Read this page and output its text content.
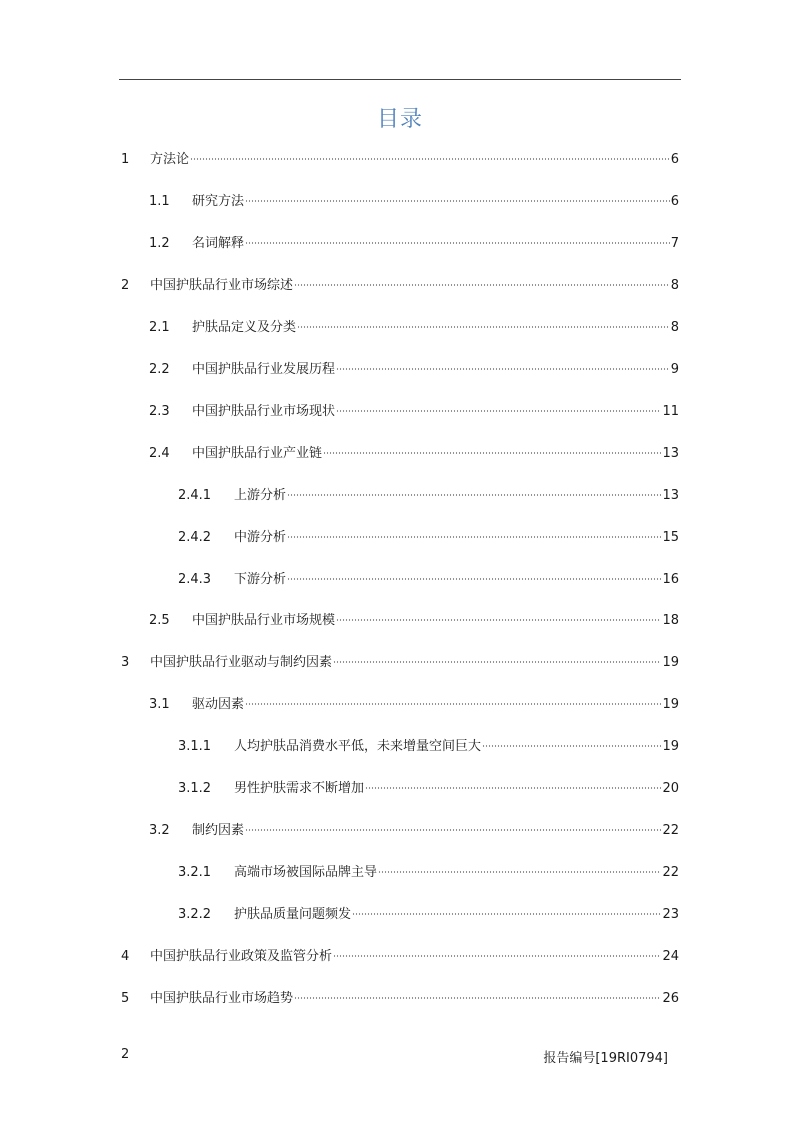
目录
1	方法论	6
1.1	研究方法	6
1.2	名词解释	7
2	中国护肤品行业市场综述	8
2.1	护肤品定义及分类	8
2.2	中国护肤品行业发展历程	9
2.3	中国护肤品行业市场现状	11
2.4	中国护肤品行业产业链	13
2.4.1	上游分析	13
2.4.2	中游分析	15
2.4.3	下游分析	16
2.5	中国护肤品行业市场规模	18
3	中国护肤品行业驱动与制约因素	19
3.1	驱动因素	19
3.1.1	人均护肤品消费水平低，未来增量空间巨大	19
3.1.2	男性护肤需求不断增加	20
3.2	制约因素	22
3.2.1	高端市场被国际品牌主导	22
3.2.2	护肤品质量问题频发	23
4	中国护肤品行业政策及监管分析	24
5	中国护肤品行业市场趋势	26
2	报告编号[19RI0794]
